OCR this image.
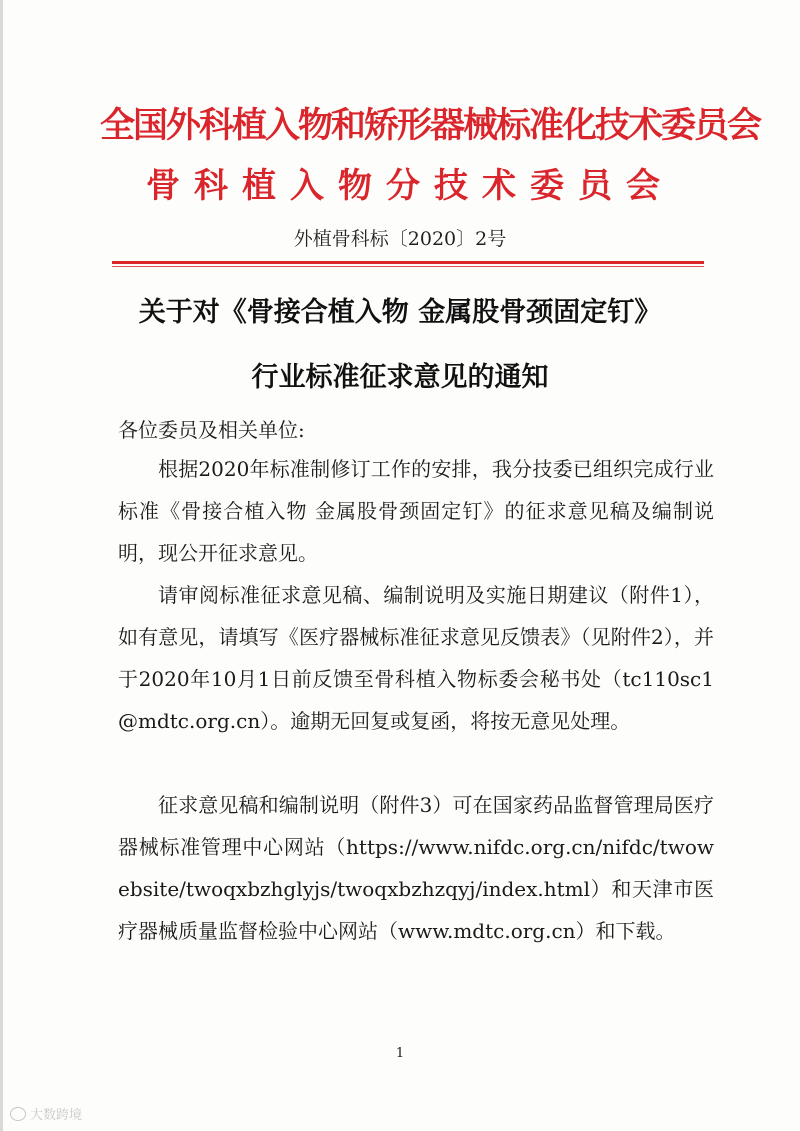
全国外科植入物和矫形器械标准化技术委员会
骨科植入物分技术委员会

外植骨科标〔2020〕2号

关于对《骨接合植入物 金属股骨颈固定钉》
行业标准征求意见的通知

各位委员及相关单位:

根据2020年标准制修订工作的安排，我分技委已组织完成行业标准《骨接合植入物 金属股骨颈固定钉》的征求意见稿及编制说明，现公开征求意见。

请审阅标准征求意见稿、编制说明及实施日期建议（附件1），如有意见，请填写《医疗器械标准征求意见反馈表》（见附件2），并于2020年10月1日前反馈至骨科植入物标委会秘书处（tc110sc1@mdtc.org.cn）。逾期无回复或复函，将按无意见处理。

征求意见稿和编制说明（附件3）可在国家药品监督管理局医疗器械标准管理中心网站（https://www.nifdc.org.cn/nifdc/twowebsite/twoqxbzhglyjs/twoqxbzhzqyj/index.html）和天津市医疗器械质量监督检验中心网站（www.mdtc.org.cn）和下载。

1

大数跨境
